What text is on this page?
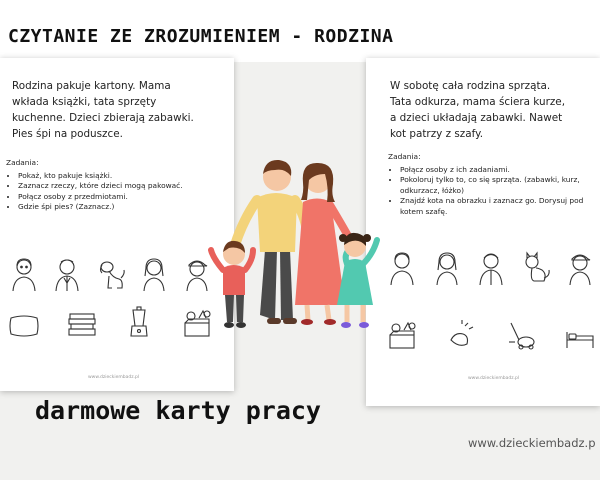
CZYTANIE ZE ZROZUMIENIEM - RODZINA
Rodzina pakuje kartony. Mama
wkłada książki, tata sprzęty
kuchenne. Dzieci zbierają zabawki.
Pies śpi na poduszce.
Zadania:
• Pokaż, kto pakuje książki.
• Zaznacz rzeczy, które dzieci mogą pakować.
• Połącz osoby z przedmiotami.
• Gdzie śpi pies? (Zaznacz.)
www.dzieckiembadz.pl
W sobotę cała rodzina sprząta.
Tata odkurza, mama ściera kurze,
a dzieci układają zabawki. Nawet
kot patrzy z szafy.
Zadania:
• Połącz osoby z ich zadaniami.
• Pokoloruj tylko to, co się sprząta. (zabawki, kurz, odkurzacz, łóżko)
• Znajdź kota na obrazku i zaznacz go. Dorysuj pod kotem szafę.
www.dzieckiembadz.pl
darmowe karty pracy
www.dzieckiembadz.p
